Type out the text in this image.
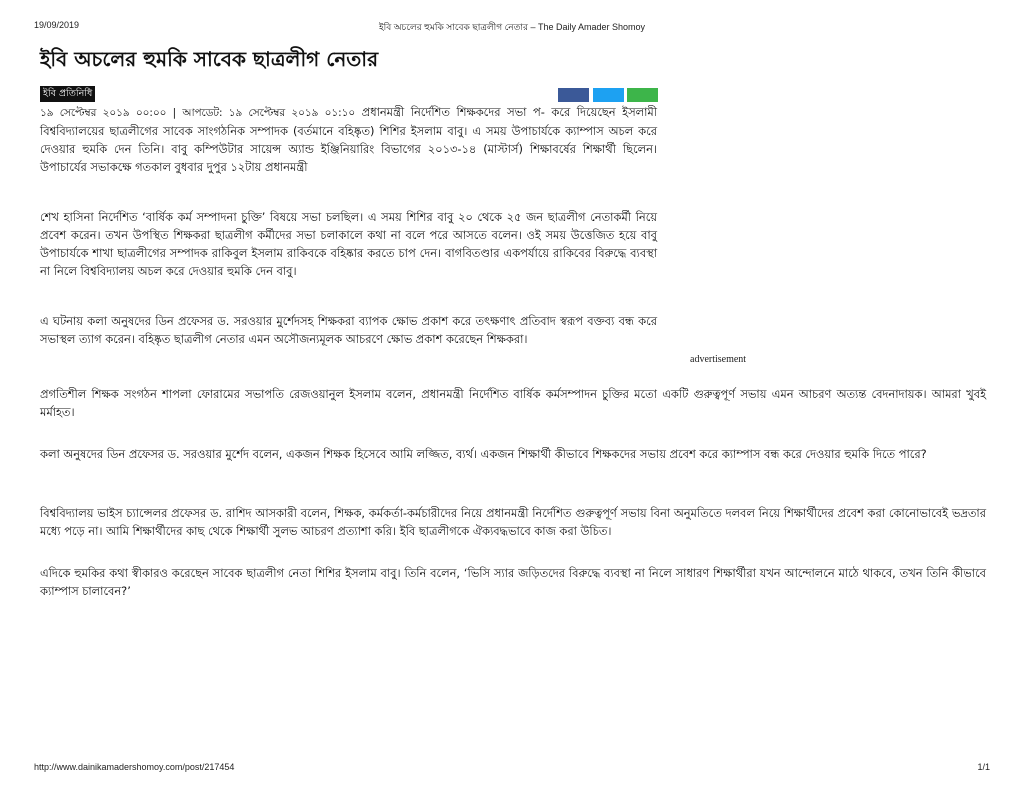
19/09/2019	ইবি অচলের হুমকি সাবেক ছাত্রলীগ নেতার – The Daily Amader Shomoy
ইবি অচলের হুমকি সাবেক ছাত্রলীগ নেতার
ইবি প্রতিনিধি

১৯ সেপ্টেম্বর ২০১৯ ০০:০০ | আপডেট: ১৯ সেপ্টেম্বর ২০১৯ ০১:১০ প্রধানমন্ত্রী নির্দেশিত শিক্ষকদের সভা প- করে দিয়েছেন ইসলামী বিশ্ববিদ্যালয়ের ছাত্রলীগের সাবেক সাংগঠনিক সম্পাদক (বর্তমানে বহিষ্কৃত) শিশির ইসলাম বাবু। এ সময় উপাচার্যকে ক্যাম্পাস অচল করে দেওয়ার হুমকি দেন তিনি। বাবু কম্পিউটার সায়েন্স অ্যান্ড ইঞ্জিনিয়ারিং বিভাগের ২০১৩-১৪ (মাস্টার্স) শিক্ষাবর্ষের শিক্ষার্থী ছিলেন। উপাচার্যের সভাকক্ষে গতকাল বুধবার দুপুর ১২টায় প্রধানমন্ত্রী

শেখ হাসিনা নির্দেশিত ‘বার্ষিক কর্ম সম্পাদনা চুক্তি’ বিষয়ে সভা চলছিল। এ সময় শিশির বাবু ২০ থেকে ২৫ জন ছাত্রলীগ নেতাকর্মী নিয়ে প্রবেশ করেন। তখন উপস্থিত শিক্ষকরা ছাত্রলীগ কর্মীদের সভা চলাকালে কথা না বলে পরে আসতে বলেন। ওই সময় উত্তেজিত হয়ে বাবু উপাচার্যকে শাখা ছাত্রলীগের সম্পাদক রাকিবুল ইসলাম রাকিবকে বহিষ্কার করতে চাপ দেন। বাগবিতণ্ডার একপর্যায়ে রাকিবের বিরুদ্ধে ব্যবস্থা না নিলে বিশ্ববিদ্যালয় অচল করে দেওয়ার হুমকি দেন বাবু।

এ ঘটনায় কলা অনুষদের ডিন প্রফেসর ড. সরওয়ার মুর্শেদসহ শিক্ষকরা ব্যাপক ক্ষোভ প্রকাশ করে তৎক্ষণাৎ প্রতিবাদ স্বরূপ বক্তব্য বন্ধ করে সভাস্থল ত্যাগ করেন। বহিষ্কৃত ছাত্রলীগ নেতার এমন অসৌজন্যমূলক আচরণে ক্ষোভ প্রকাশ করেছেন শিক্ষকরা।

advertisement

প্রগতিশীল শিক্ষক সংগঠন শাপলা ফোরামের সভাপতি রেজওয়ানুল ইসলাম বলেন, প্রধানমন্ত্রী নির্দেশিত বার্ষিক কর্মসম্পাদন চুক্তির মতো একটি গুরুত্বপূর্ণ সভায় এমন আচরণ অত্যন্ত বেদনাদায়ক। আমরা খুবই মর্মাহত।

কলা অনুষদের ডিন প্রফেসর ড. সরওয়ার মুর্শেদ বলেন, একজন শিক্ষক হিসেবে আমি লজ্জিত, ব্যর্থ। একজন শিক্ষার্থী কীভাবে শিক্ষকদের সভায় প্রবেশ করে ক্যাম্পাস বন্ধ করে দেওয়ার হুমকি দিতে পারে?

বিশ্ববিদ্যালয় ভাইস চ্যান্সেলর প্রফেসর ড. রাশিদ আসকারী বলেন, শিক্ষক, কর্মকর্তা-কর্মচারীদের নিয়ে প্রধানমন্ত্রী নির্দেশিত গুরুত্বপূর্ণ সভায় বিনা অনুমতিতে দলবল নিয়ে শিক্ষার্থীদের প্রবেশ করা কোনোভাবেই ভদ্রতার মধ্যে পড়ে না। আমি শিক্ষার্থীদের কাছ থেকে শিক্ষার্থী সুলভ আচরণ প্রত্যাশা করি। ইবি ছাত্রলীগকে ঐক্যবদ্ধভাবে কাজ করা উচিত।

এদিকে হুমকির কথা স্বীকারও করেছেন সাবেক ছাত্রলীগ নেতা শিশির ইসলাম বাবু। তিনি বলেন, ‘ভিসি স্যার জড়িতদের বিরুদ্ধে ব্যবস্থা না নিলে সাধারণ শিক্ষার্থীরা যখন আন্দোলনে মাঠে থাকবে, তখন তিনি কীভাবে ক্যাম্পাস চালাবেন?’

http://www.dainikamadershomoy.com/post/217454	1/1
